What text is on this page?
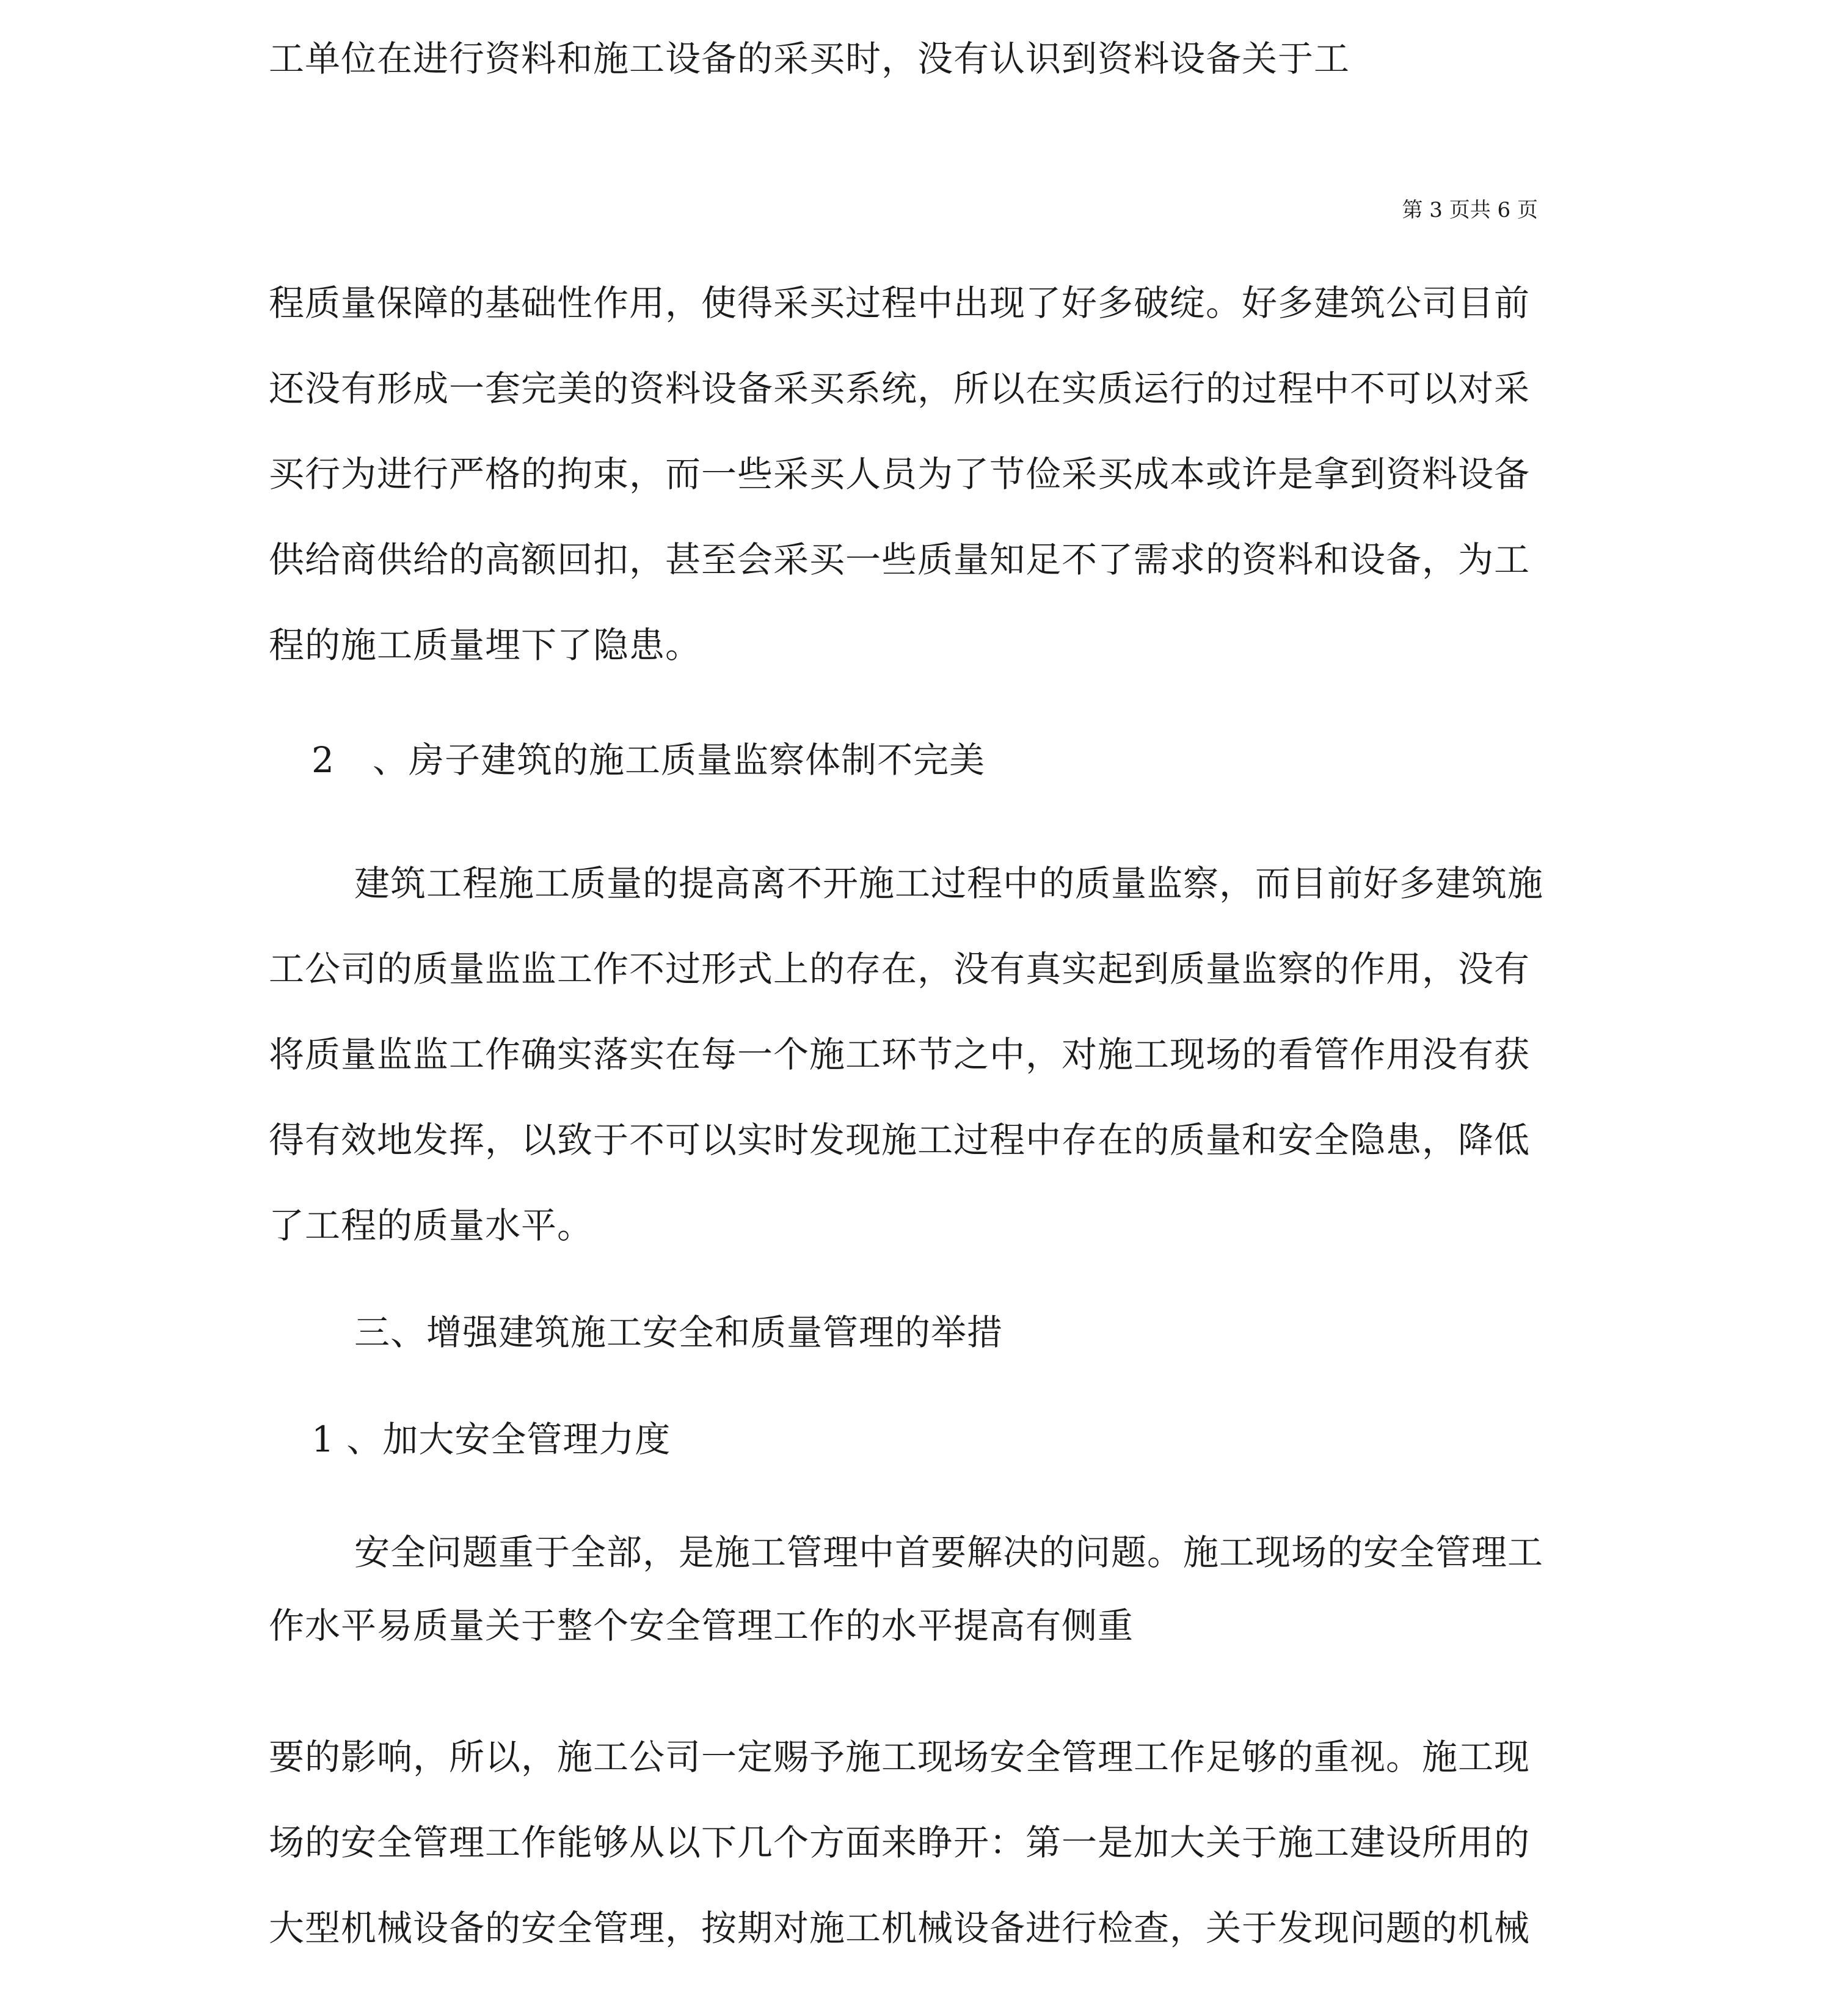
工单位在进行资料和施工设备的采买时，没有认识到资料设备关于工
第 3 页共 6 页
程质量保障的基础性作用，使得采买过程中出现了好多破绽。好多建筑公司目前
还没有形成一套完美的资料设备采买系统，所以在实质运行的过程中不可以对采
买行为进行严格的拘束，而一些采买人员为了节俭采买成本或许是拿到资料设备
供给商供给的高额回扣，甚至会采买一些质量知足不了需求的资料和设备，为工
程的施工质量埋下了隐患。
2 、房子建筑的施工质量监察体制不完美
建筑工程施工质量的提高离不开施工过程中的质量监察，而目前好多建筑施
工公司的质量监监工作不过形式上的存在，没有真实起到质量监察的作用，没有
将质量监监工作确实落实在每一个施工环节之中，对施工现场的看管作用没有获
得有效地发挥，以致于不可以实时发现施工过程中存在的质量和安全隐患，降低
了工程的质量水平。
三、增强建筑施工安全和质量管理的举措
1 、加大安全管理力度
安全问题重于全部，是施工管理中首要解决的问题。施工现场的安全管理工
作水平易质量关于整个安全管理工作的水平提高有侧重
要的影响，所以，施工公司一定赐予施工现场安全管理工作足够的重视。施工现
场的安全管理工作能够从以下几个方面来睁开：第一是加大关于施工建设所用的
大型机械设备的安全管理，按期对施工机械设备进行检查，关于发现问题的机械
